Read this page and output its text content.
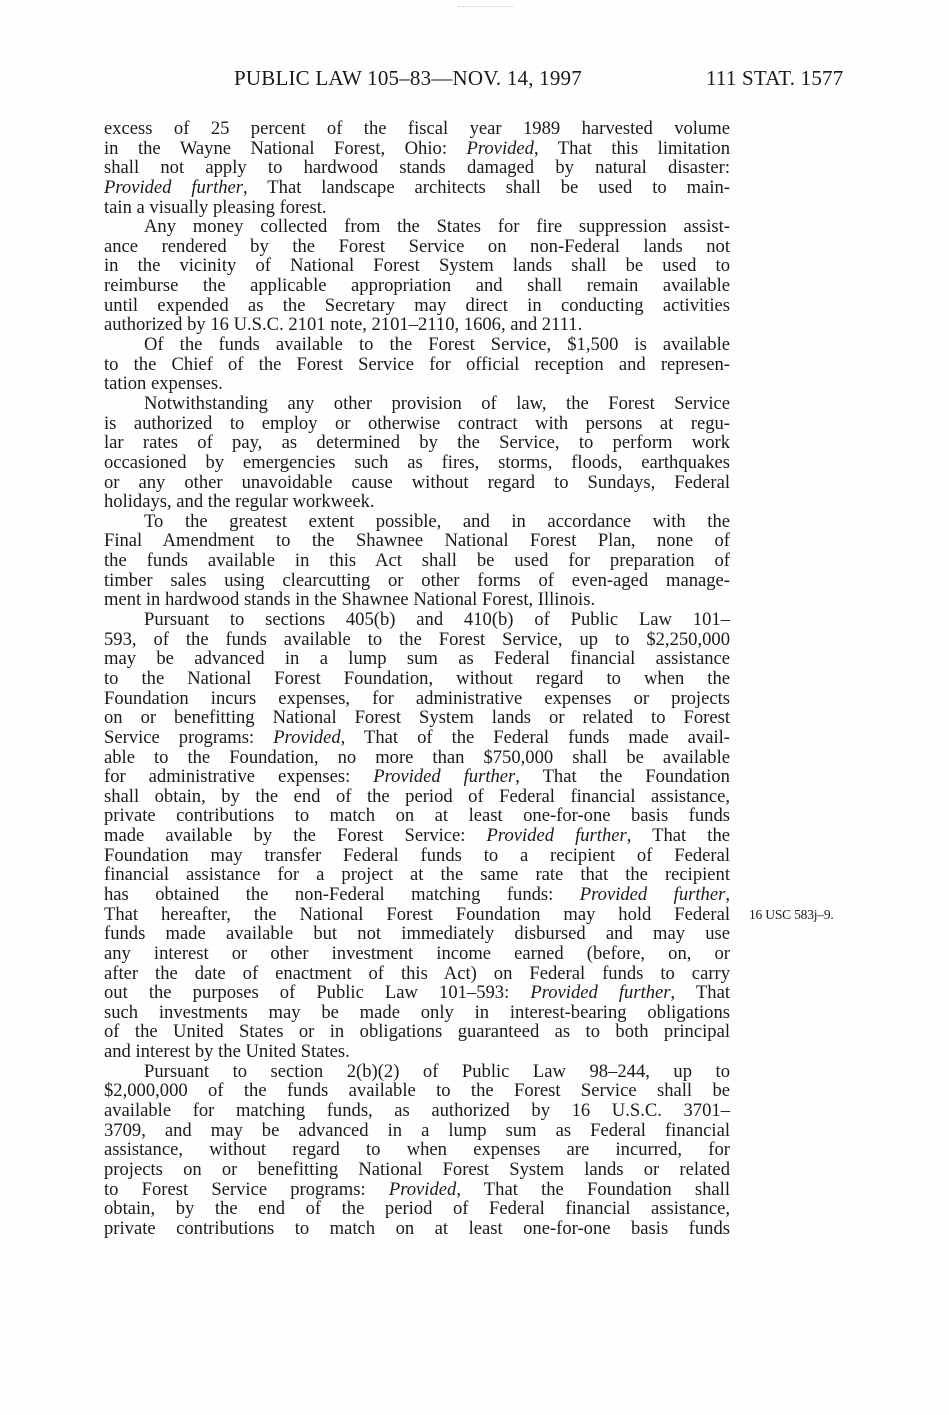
PUBLIC LAW 105–83—NOV. 14, 1997	111 STAT. 1577
excess of 25 percent of the fiscal year 1989 harvested volume
in the Wayne National Forest, Ohio: Provided, That this limitation
shall not apply to hardwood stands damaged by natural disaster:
Provided further, That landscape architects shall be used to main-
tain a visually pleasing forest.
Any money collected from the States for fire suppression assist-
ance rendered by the Forest Service on non-Federal lands not
in the vicinity of National Forest System lands shall be used to
reimburse the applicable appropriation and shall remain available
until expended as the Secretary may direct in conducting activities
authorized by 16 U.S.C. 2101 note, 2101–2110, 1606, and 2111.
Of the funds available to the Forest Service, $1,500 is available
to the Chief of the Forest Service for official reception and represen-
tation expenses.
Notwithstanding any other provision of law, the Forest Service
is authorized to employ or otherwise contract with persons at regu-
lar rates of pay, as determined by the Service, to perform work
occasioned by emergencies such as fires, storms, floods, earthquakes
or any other unavoidable cause without regard to Sundays, Federal
holidays, and the regular workweek.
To the greatest extent possible, and in accordance with the
Final Amendment to the Shawnee National Forest Plan, none of
the funds available in this Act shall be used for preparation of
timber sales using clearcutting or other forms of even-aged manage-
ment in hardwood stands in the Shawnee National Forest, Illinois.
Pursuant to sections 405(b) and 410(b) of Public Law 101–
593, of the funds available to the Forest Service, up to $2,250,000
may be advanced in a lump sum as Federal financial assistance
to the National Forest Foundation, without regard to when the
Foundation incurs expenses, for administrative expenses or projects
on or benefitting National Forest System lands or related to Forest
Service programs: Provided, That of the Federal funds made avail-
able to the Foundation, no more than $750,000 shall be available
for administrative expenses: Provided further, That the Foundation
shall obtain, by the end of the period of Federal financial assistance,
private contributions to match on at least one-for-one basis funds
made available by the Forest Service: Provided further, That the
Foundation may transfer Federal funds to a recipient of Federal
financial assistance for a project at the same rate that the recipient
has obtained the non-Federal matching funds: Provided further,
That hereafter, the National Forest Foundation may hold Federal
funds made available but not immediately disbursed and may use
any interest or other investment income earned (before, on, or
after the date of enactment of this Act) on Federal funds to carry
out the purposes of Public Law 101–593: Provided further, That
such investments may be made only in interest-bearing obligations
of the United States or in obligations guaranteed as to both principal
and interest by the United States.
Pursuant to section 2(b)(2) of Public Law 98–244, up to
$2,000,000 of the funds available to the Forest Service shall be
available for matching funds, as authorized by 16 U.S.C. 3701–
3709, and may be advanced in a lump sum as Federal financial
assistance, without regard to when expenses are incurred, for
projects on or benefitting National Forest System lands or related
to Forest Service programs: Provided, That the Foundation shall
obtain, by the end of the period of Federal financial assistance,
private contributions to match on at least one-for-one basis funds
16 USC 583j–9.
